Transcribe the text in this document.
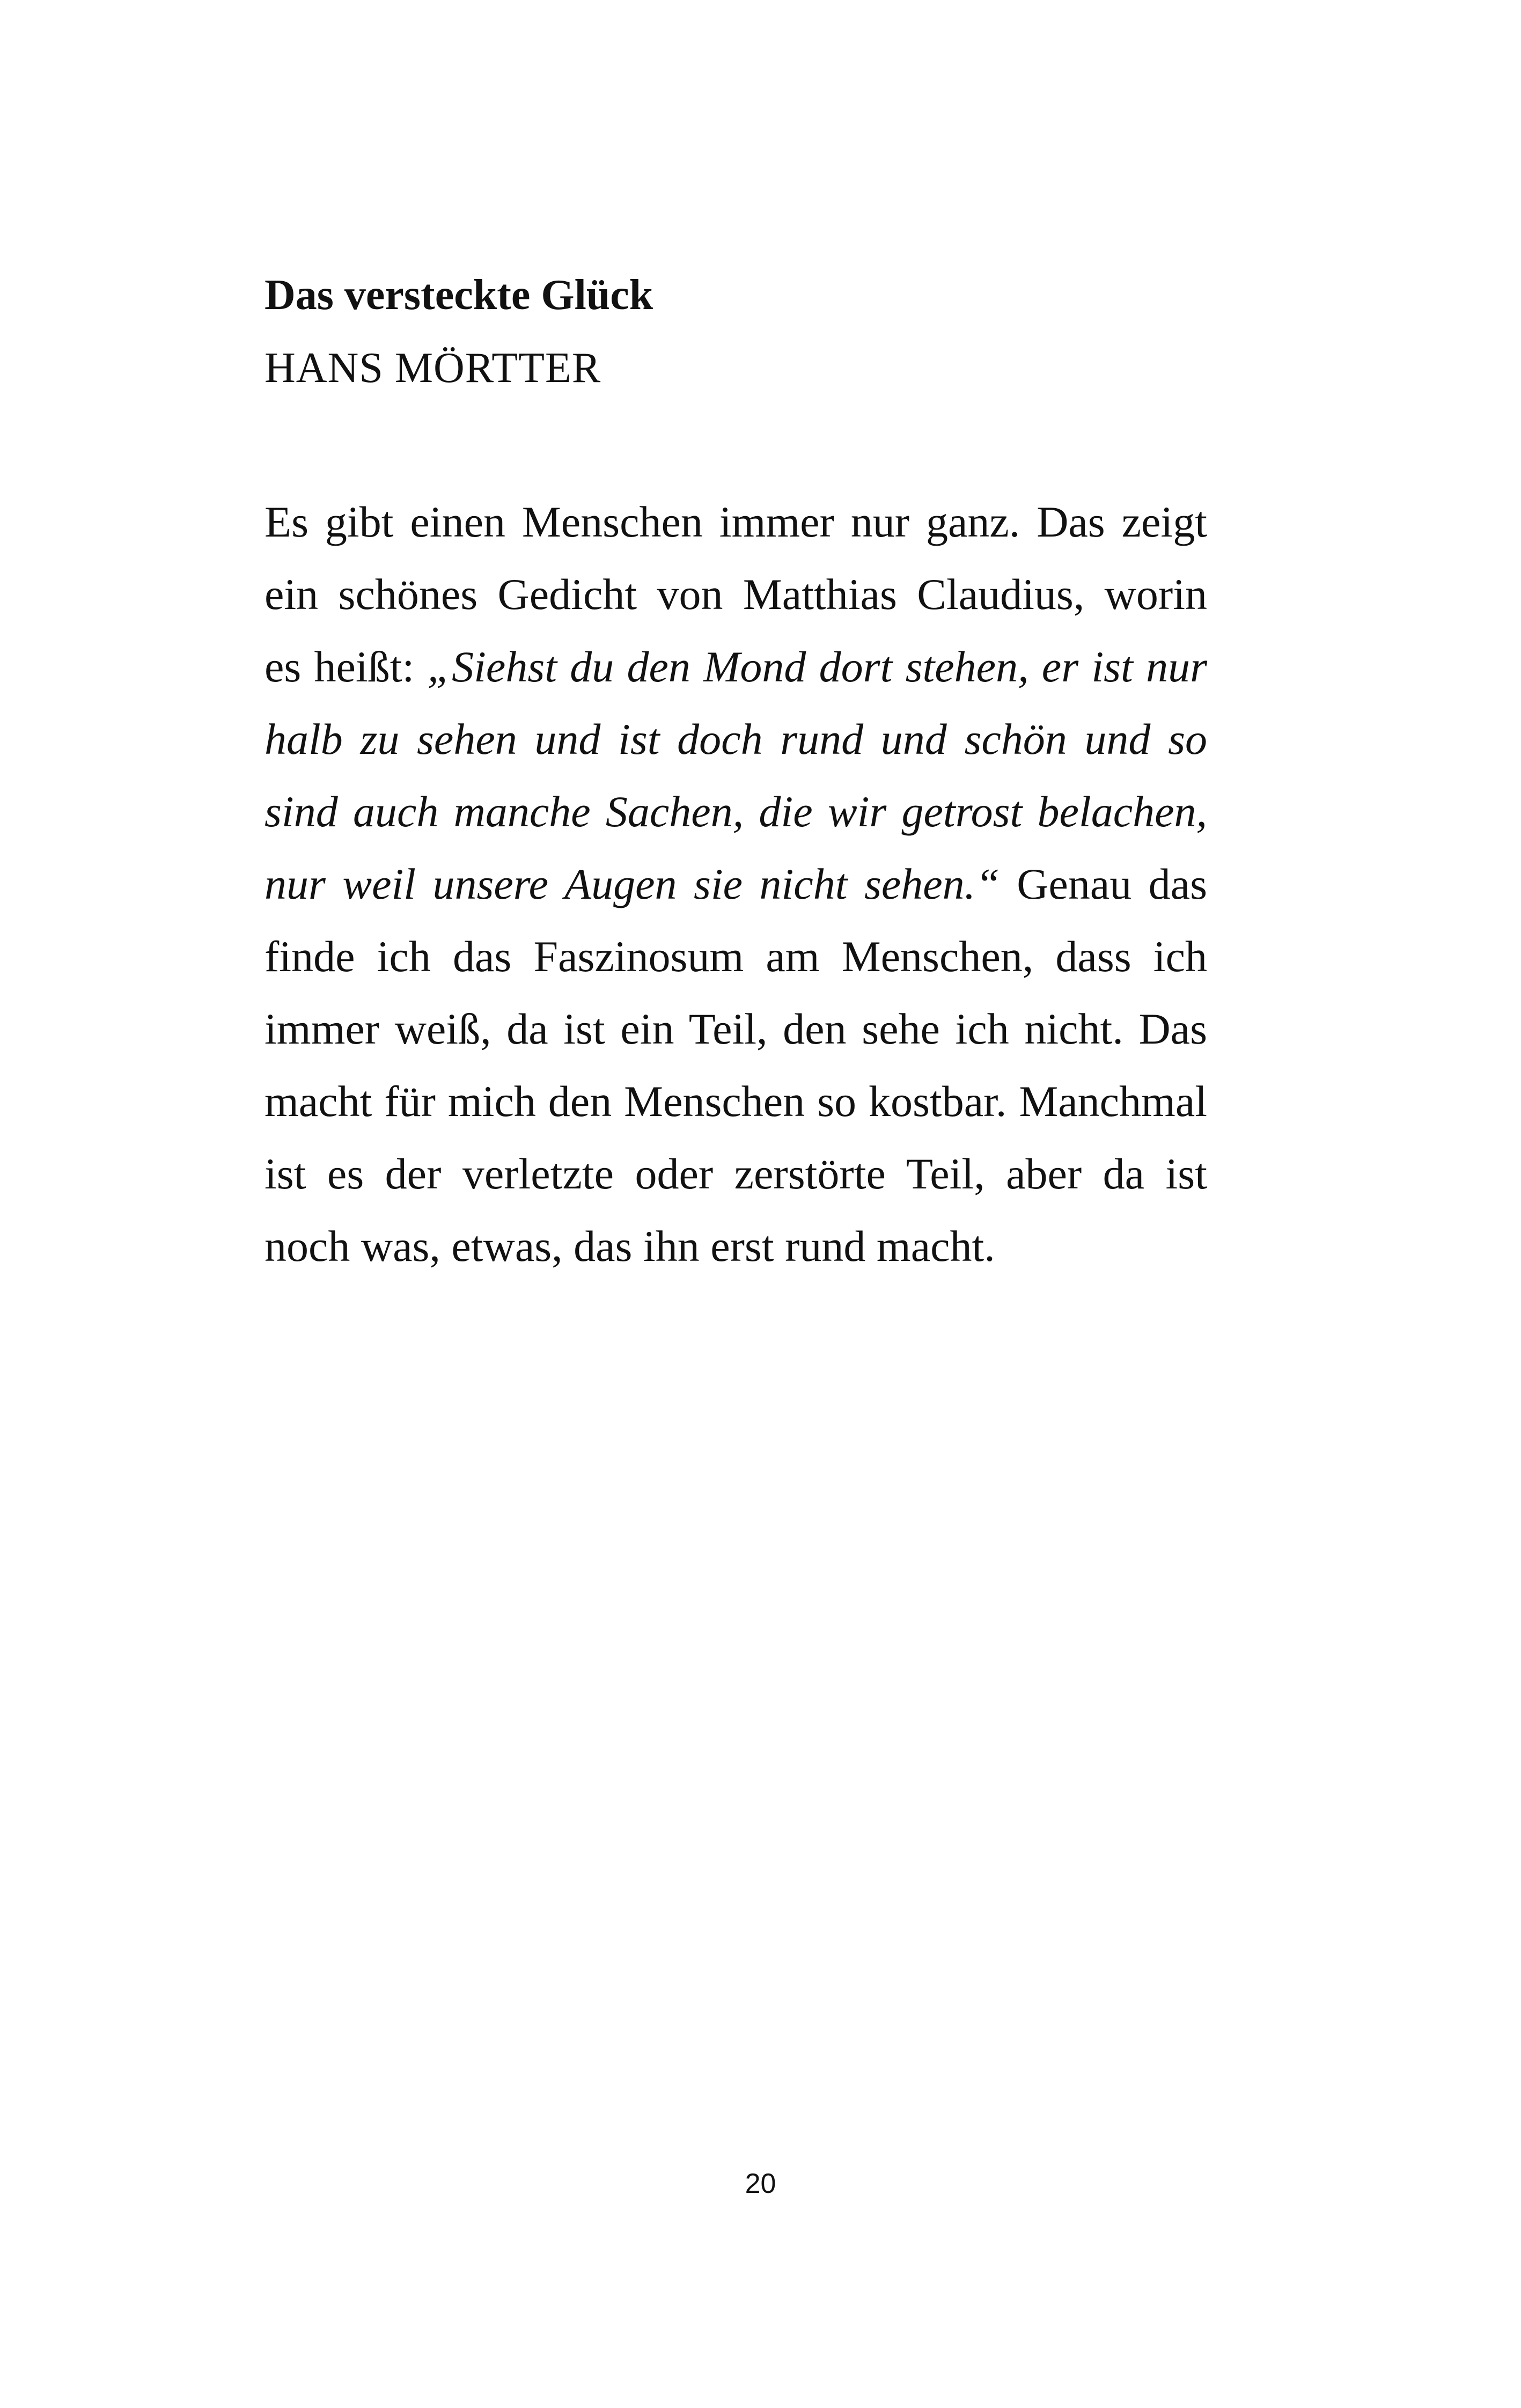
Das versteckte Glück
HANS MÖRTTER
Es gibt einen Menschen immer nur ganz. Das zeigt
ein schönes Gedicht von Matthias Claudius, worin
es heißt: „Siehst du den Mond dort stehen, er ist nur
halb zu sehen und ist doch rund und schön und so
sind auch manche Sachen, die wir getrost belachen,
nur weil unsere Augen sie nicht sehen.“ Genau das
finde ich das Faszinosum am Menschen, dass ich
immer weiß, da ist ein Teil, den sehe ich nicht. Das
macht für mich den Menschen so kostbar. Manchmal
ist es der verletzte oder zerstörte Teil, aber da ist
noch was, etwas, das ihn erst rund macht.
20
